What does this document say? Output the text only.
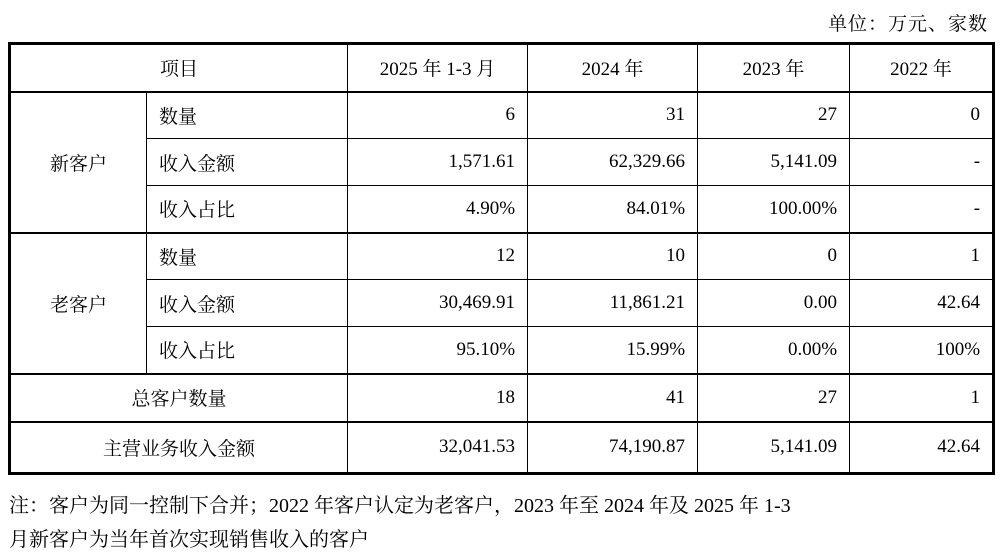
单位：万元、家数
项目		2025 年 1-3 月	2024 年	2023 年	2022 年
新客户	数量	6	31	27	0
	收入金额	1,571.61	62,329.66	5,141.09	-
	收入占比	4.90%	84.01%	100.00%	-
老客户	数量	12	10	0	1
	收入金额	30,469.91	11,861.21	0.00	42.64
	收入占比	95.10%	15.99%	0.00%	100%
总客户数量		18	41	27	1
主营业务收入金额		32,041.53	74,190.87	5,141.09	42.64
注：客户为同一控制下合并；2022 年客户认定为老客户，2023 年至 2024 年及 2025 年 1-3
月新客户为当年首次实现销售收入的客户
